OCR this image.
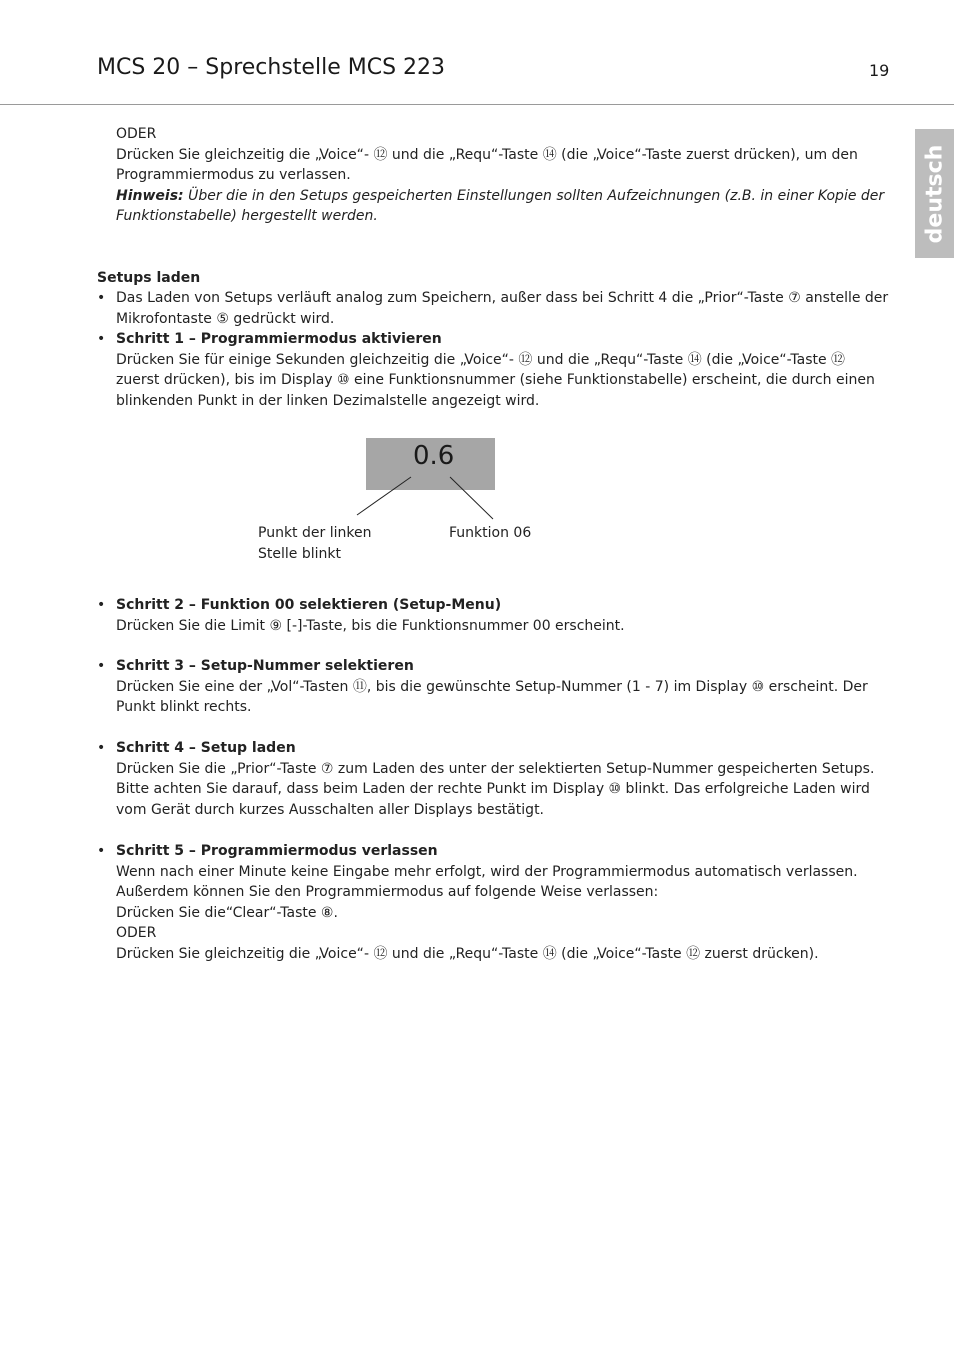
MCS 20 – Sprechstelle MCS 223	19
deutsch

ODER

Drücken Sie gleichzeitig die „Voice“- ⑫ und die „Requ“-Taste ⑭ (die „Voice“-Taste zuerst drücken), um den Programmiermodus zu verlassen.

Hinweis: Über die in den Setups gespeicherten Einstellungen sollten Aufzeichnungen (z.B. in einer Kopie der Funktionstabelle) hergestellt werden.

Setups laden
• Das Laden von Setups verläuft analog zum Speichern, außer dass bei Schritt 4 die „Prior“-Taste ⑦ anstelle der Mikrofontaste ⑤ gedrückt wird.

• Schritt 1 – Programmiermodus aktivieren

Drücken Sie für einige Sekunden gleichzeitig die „Voice“- ⑫ und die „Requ“-Taste ⑭ (die „Voice“-Taste ⑫ zuerst drücken), bis im Display ⑩ eine Funktionsnummer (siehe Funktionstabelle) erscheint, die durch einen blinkenden Punkt in der linken Dezimalstelle angezeigt wird.

0.6
Punkt der linken
Stelle blinkt
Funktion 06
• Schritt 2 – Funktion 00 selektieren (Setup-Menu)

Drücken Sie die Limit ⑨ [-]-Taste, bis die Funktionsnummer 00 erscheint.

• Schritt 3 – Setup-Nummer selektieren

Drücken Sie eine der „Vol“-Tasten ⑪, bis die gewünschte Setup-Nummer (1 - 7) im Display ⑩ erscheint. Der Punkt blinkt rechts.

• Schritt 4 – Setup laden

Drücken Sie die „Prior“-Taste ⑦ zum Laden des unter der selektierten Setup-Nummer gespeicherten Setups. Bitte achten Sie darauf, dass beim Laden der rechte Punkt im Display ⑩ blinkt. Das erfolgreiche Laden wird vom Gerät durch kurzes Ausschalten aller Displays bestätigt.

• Schritt 5 – Programmiermodus verlassen

Wenn nach einer Minute keine Eingabe mehr erfolgt, wird der Programmiermodus automatisch verlassen. Außerdem können Sie den Programmiermodus auf folgende Weise verlassen:

Drücken Sie die“Clear“-Taste ⑧.

ODER

Drücken Sie gleichzeitig die „Voice“- ⑫ und die „Requ“-Taste ⑭ (die „Voice“-Taste ⑫ zuerst drücken).
